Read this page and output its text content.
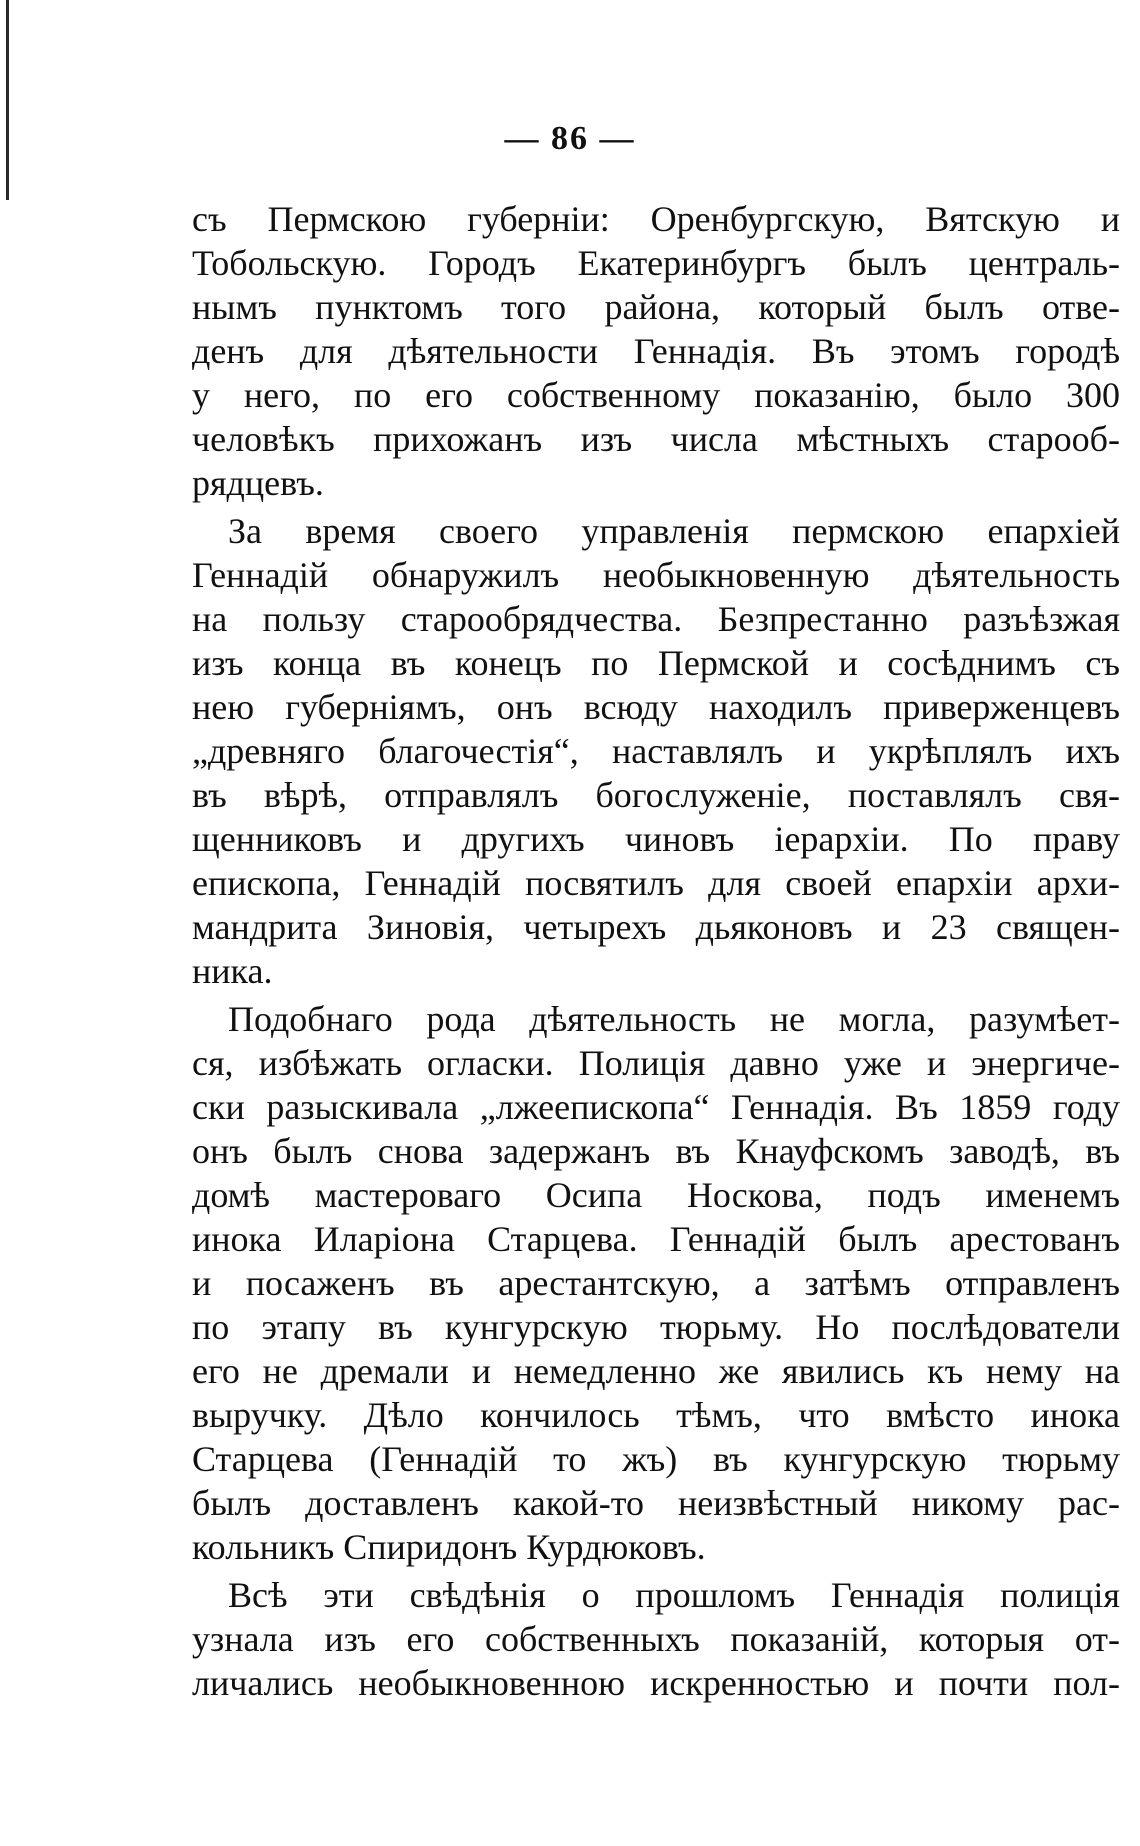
— 86 —
съ Пермскою губерніи: Оренбургскую, Вятскую и
Тобольскую. Городъ Екатеринбургъ былъ централь-
нымъ пунктомъ того района, который былъ отве-
денъ для дѣятельности Геннадія. Въ этомъ городѣ
у него, по его собственному показанію, было 300
человѣкъ прихожанъ изъ числа мѣстныхъ старооб-
рядцевъ.
За время своего управленія пермскою епархіей
Геннадій обнаружилъ необыкновенную дѣятельность
на пользу старообрядчества. Безпрестанно разъѣзжая
изъ конца въ конецъ по Пермской и сосѣднимъ съ
нею губерніямъ, онъ всюду находилъ приверженцевъ
„древняго благочестія“, наставлялъ и укрѣплялъ ихъ
въ вѣрѣ, отправлялъ богослуженіе, поставлялъ свя-
щенниковъ и другихъ чиновъ іерархіи. По праву
епископа, Геннадій посвятилъ для своей епархіи архи-
мандрита Зиновія, четырехъ дьяконовъ и 23 священ-
ника.
Подобнаго рода дѣятельность не могла, разумѣет-
ся, избѣжать огласки. Полиція давно уже и энергиче-
ски разыскивала „лжеепископа“ Геннадія. Въ 1859 году
онъ былъ снова задержанъ въ Кнауфскомъ заводѣ, въ
домѣ мастероваго Осипа Носкова, подъ именемъ
инока Иларіона Старцева. Геннадій былъ арестованъ
и посаженъ въ арестантскую, а затѣмъ отправленъ
по этапу въ кунгурскую тюрьму. Но послѣдователи
его не дремали и немедленно же явились къ нему на
выручку. Дѣло кончилось тѣмъ, что вмѣсто инока
Старцева (Геннадій то жъ) въ кунгурскую тюрьму
былъ доставленъ какой-то неизвѣстный никому рас-
кольникъ Спиридонъ Курдюковъ.
Всѣ эти свѣдѣнія о прошломъ Геннадія полиція
узнала изъ его собственныхъ показаній, которыя от-
личались необыкновенною искренностью и почти пол-
